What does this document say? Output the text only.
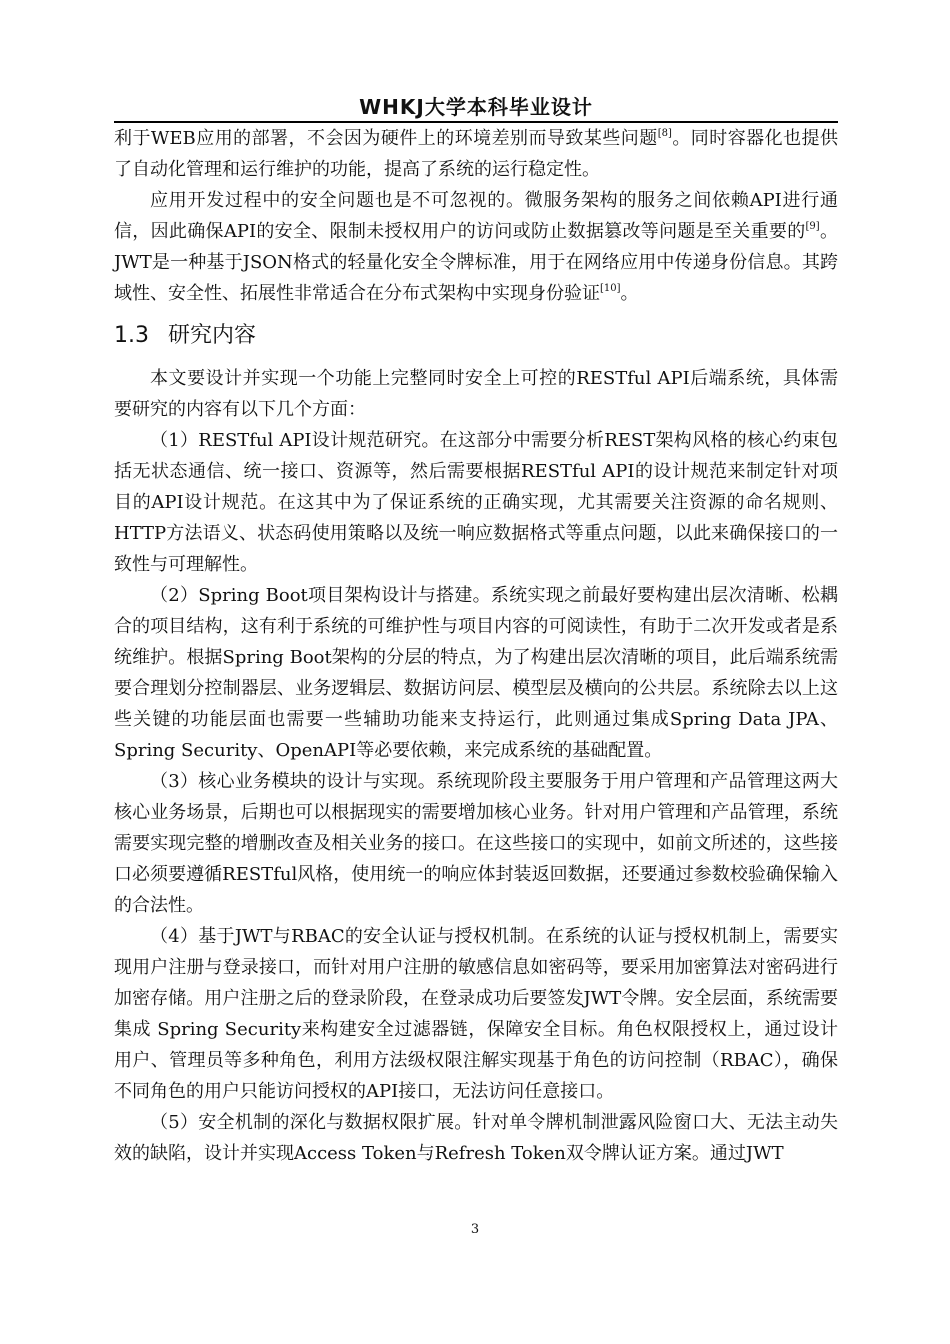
WHKJ大学本科毕业设计

利于WEB应用的部署，不会因为硬件上的环境差别而导致某些问题[8]。同时容器化也提供了自动化管理和运行维护的功能，提高了系统的运行稳定性。

应用开发过程中的安全问题也是不可忽视的。微服务架构的服务之间依赖API进行通信，因此确保API的安全、限制未授权用户的访问或防止数据篡改等问题是至关重要的[9]。JWT是一种基于JSON格式的轻量化安全令牌标准，用于在网络应用中传递身份信息。其跨域性、安全性、拓展性非常适合在分布式架构中实现身份验证[10]。

1.3 研究内容

本文要设计并实现一个功能上完整同时安全上可控的RESTful API后端系统，具体需要研究的内容有以下几个方面：

（1）RESTful API设计规范研究。在这部分中需要分析REST架构风格的核心约束包括无状态通信、统一接口、资源等，然后需要根据RESTful API的设计规范来制定针对项目的API设计规范。在这其中为了保证系统的正确实现，尤其需要关注资源的命名规则、HTTP方法语义、状态码使用策略以及统一响应数据格式等重点问题，以此来确保接口的一致性与可理解性。

（2）Spring Boot项目架构设计与搭建。系统实现之前最好要构建出层次清晰、松耦合的项目结构，这有利于系统的可维护性与项目内容的可阅读性，有助于二次开发或者是系统维护。根据Spring Boot架构的分层的特点，为了构建出层次清晰的项目，此后端系统需要合理划分控制器层、业务逻辑层、数据访问层、模型层及横向的公共层。系统除去以上这些关键的功能层面也需要一些辅助功能来支持运行，此则通过集成Spring Data JPA、Spring Security、OpenAPI等必要依赖，来完成系统的基础配置。

（3）核心业务模块的设计与实现。系统现阶段主要服务于用户管理和产品管理这两大核心业务场景，后期也可以根据现实的需要增加核心业务。针对用户管理和产品管理，系统需要实现完整的增删改查及相关业务的接口。在这些接口的实现中，如前文所述的，这些接口必须要遵循RESTful风格，使用统一的响应体封装返回数据，还要通过参数校验确保输入的合法性。

（4）基于JWT与RBAC的安全认证与授权机制。在系统的认证与授权机制上，需要实现用户注册与登录接口，而针对用户注册的敏感信息如密码等，要采用加密算法对密码进行加密存储。用户注册之后的登录阶段，在登录成功后要签发JWT令牌。安全层面，系统需要集成 Spring Security来构建安全过滤器链，保障安全目标。角色权限授权上，通过设计用户、管理员等多种角色，利用方法级权限注解实现基于角色的访问控制（RBAC），确保不同角色的用户只能访问授权的API接口，无法访问任意接口。

（5）安全机制的深化与数据权限扩展。针对单令牌机制泄露风险窗口大、无法主动失效的缺陷，设计并实现Access Token与Refresh Token双令牌认证方案。通过JWT

3
